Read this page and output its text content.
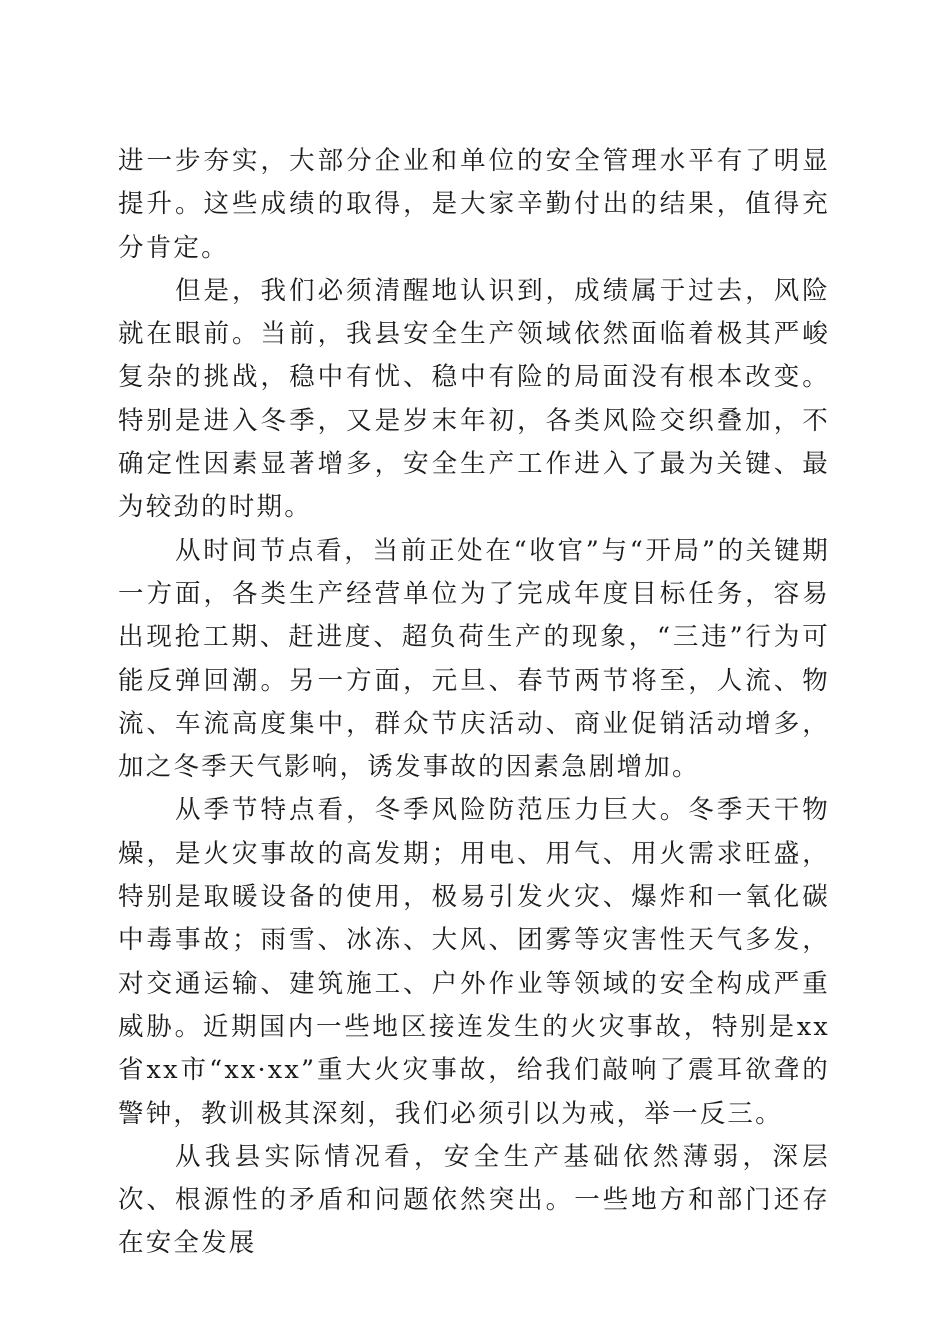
进一步夯实，大部分企业和单位的安全管理水平有了明显提升。这些成绩的取得，是大家辛勤付出的结果，值得充分肯定。

但是，我们必须清醒地认识到，成绩属于过去，风险就在眼前。当前，我县安全生产领域依然面临着极其严峻复杂的挑战，稳中有忧、稳中有险的局面没有根本改变。特别是进入冬季，又是岁末年初，各类风险交织叠加，不确定性因素显著增多，安全生产工作进入了最为关键、最为较劲的时期。

从时间节点看，当前正处在“收官”与“开局”的关键期一方面，各类生产经营单位为了完成年度目标任务，容易出现抢工期、赶进度、超负荷生产的现象，“三违”行为可能反弹回潮。另一方面，元旦、春节两节将至，人流、物流、车流高度集中，群众节庆活动、商业促销活动增多，加之冬季天气影响，诱发事故的因素急剧增加。

从季节特点看，冬季风险防范压力巨大。冬季天干物燥，是火灾事故的高发期；用电、用气、用火需求旺盛，特别是取暖设备的使用，极易引发火灾、爆炸和一氧化碳中毒事故；雨雪、冰冻、大风、团雾等灾害性天气多发，对交通运输、建筑施工、户外作业等领域的安全构成严重威胁。近期国内一些地区接连发生的火灾事故，特别是xx省xx市“xx·xx”重大火灾事故，给我们敲响了震耳欲聋的警钟，教训极其深刻，我们必须引以为戒，举一反三。

从我县实际情况看，安全生产基础依然薄弱，深层次、根源性的矛盾和问题依然突出。一些地方和部门还存在安全发展
